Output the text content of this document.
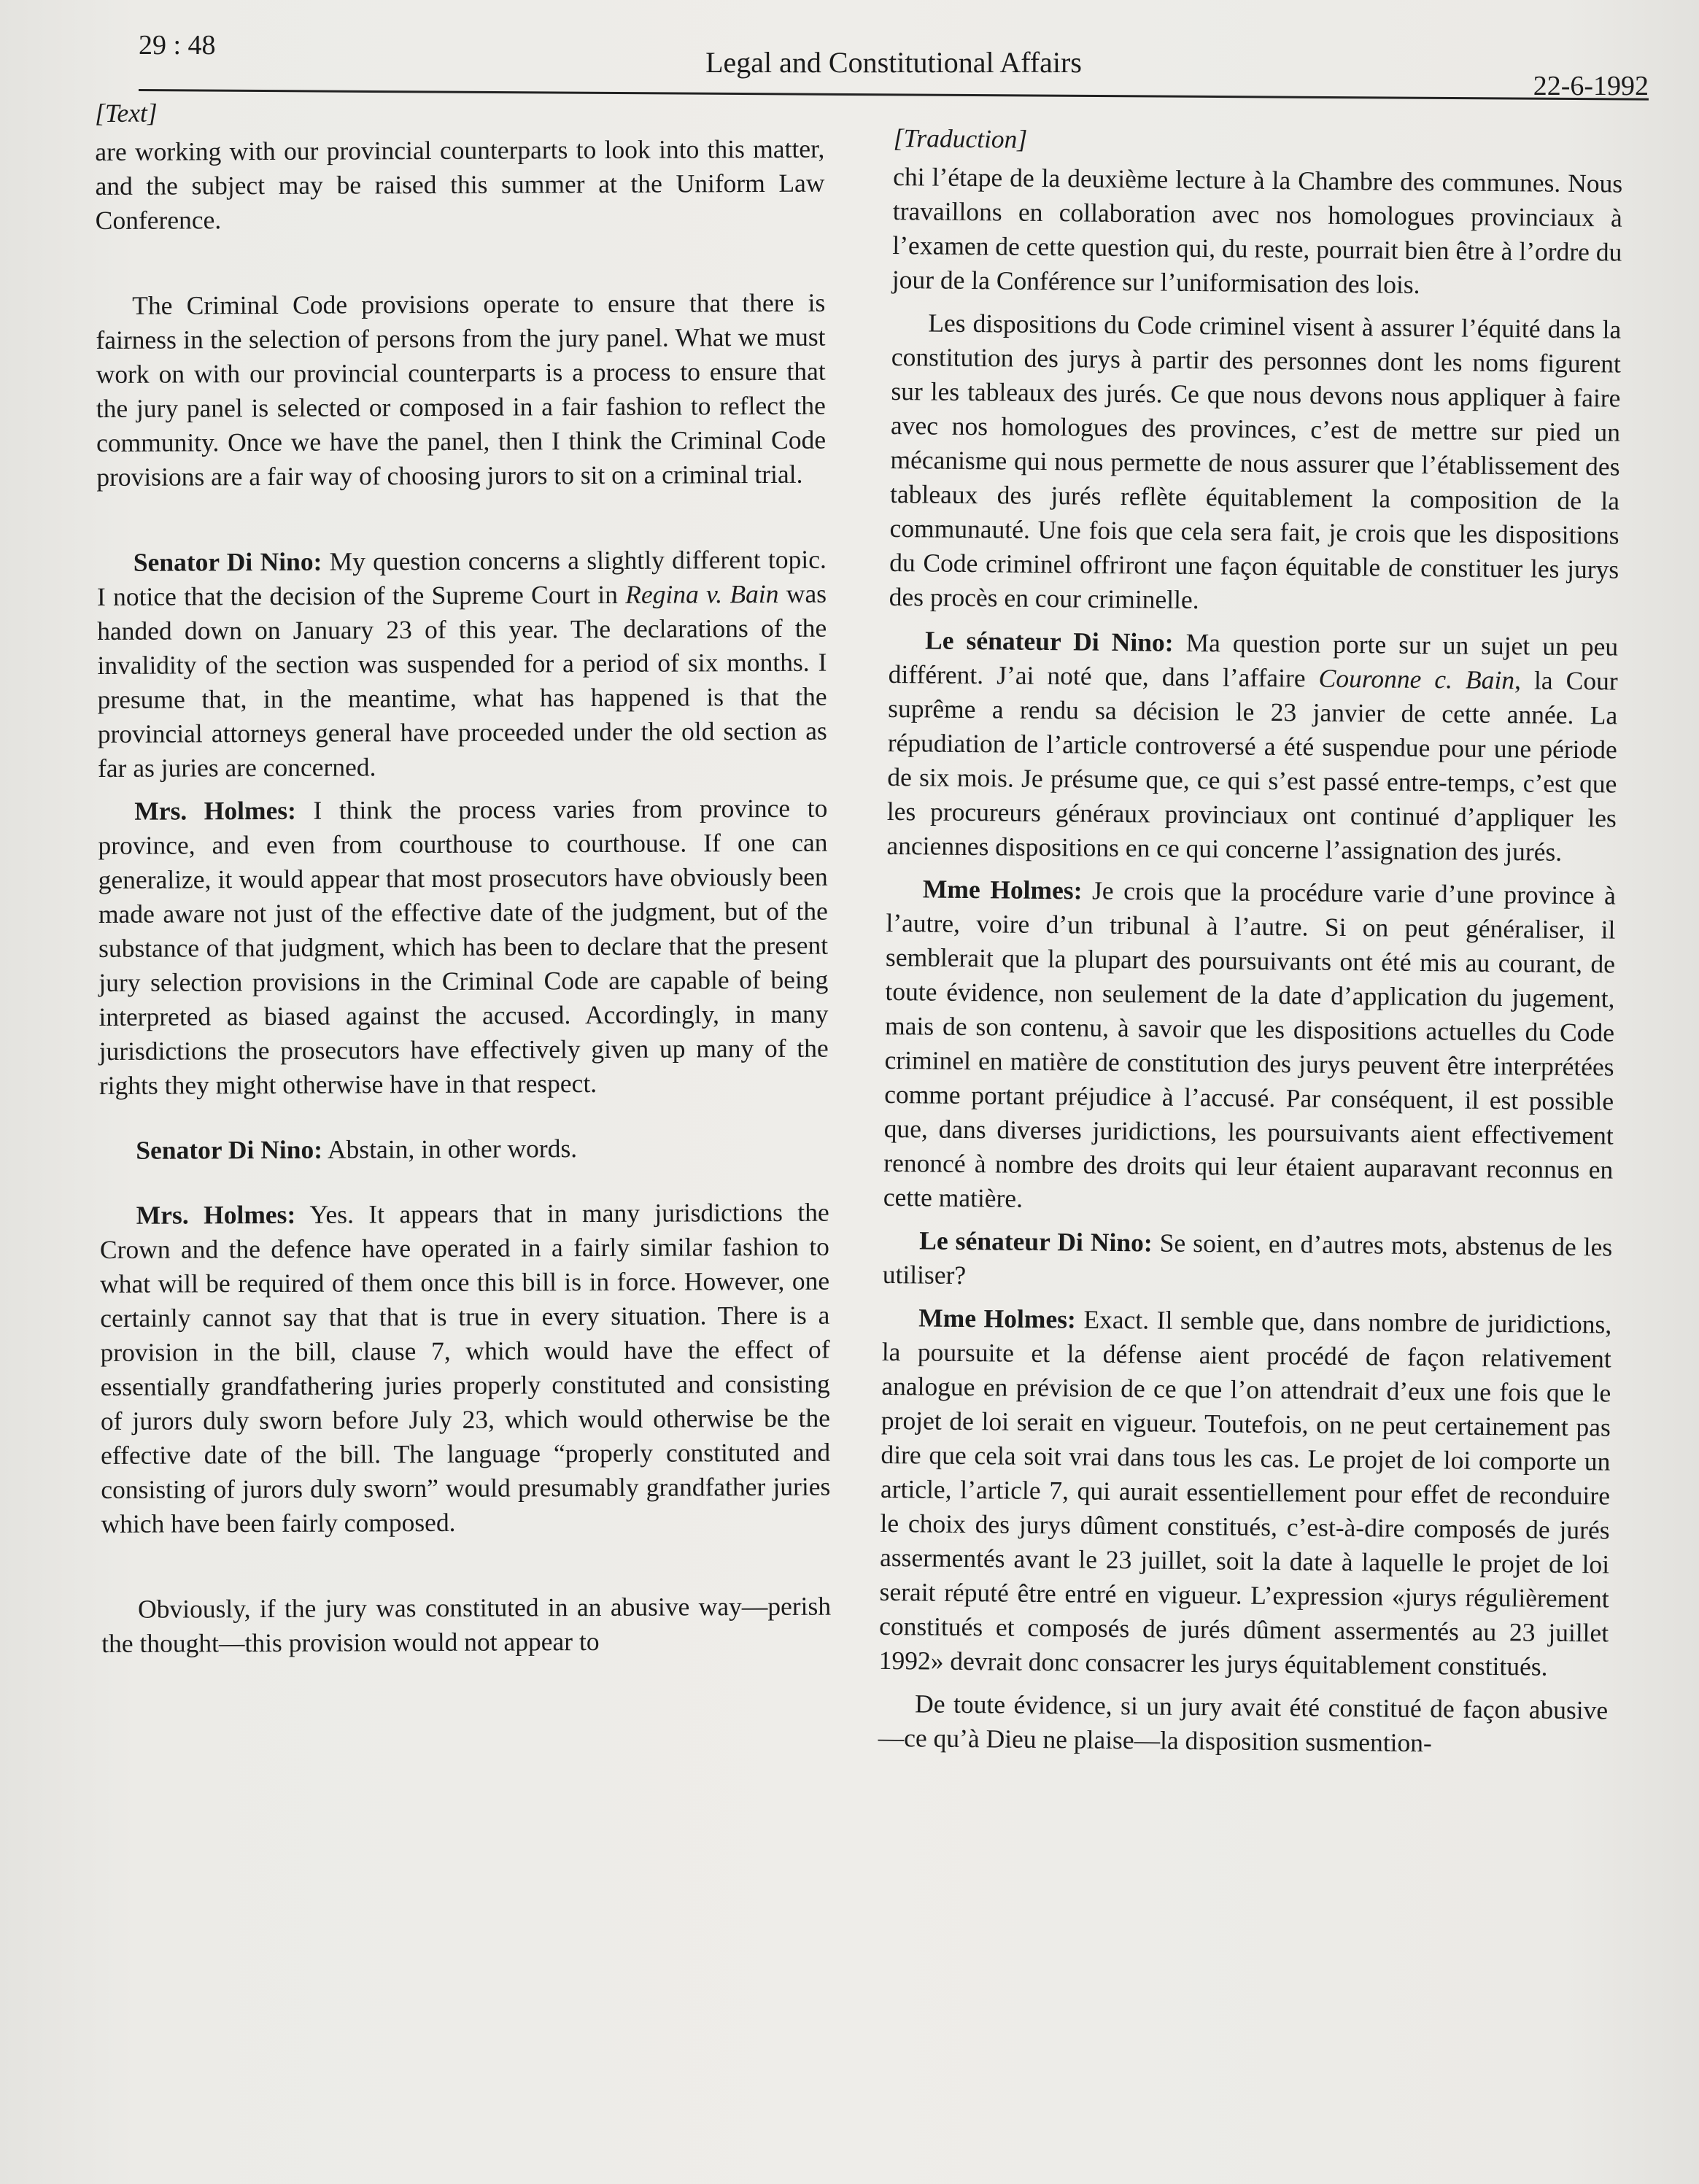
29 : 48
Legal and Constitutional Affairs
22-6-1992
[Text]

are working with our provincial counterparts to look into this matter, and the subject may be raised this summer at the Uniform Law Conference.

The Criminal Code provisions operate to ensure that there is fairness in the selection of persons from the jury panel. What we must work on with our provincial counterparts is a process to ensure that the jury panel is selected or composed in a fair fashion to reflect the community. Once we have the panel, then I think the Criminal Code provisions are a fair way of choosing jurors to sit on a criminal trial.

Senator Di Nino: My question concerns a slightly different topic. I notice that the decision of the Supreme Court in Regina v. Bain was handed down on January 23 of this year. The declarations of the invalidity of the section was suspended for a period of six months. I presume that, in the meantime, what has happened is that the provincial attorneys general have proceeded under the old section as far as juries are concerned.

Mrs. Holmes: I think the process varies from province to province, and even from courthouse to courthouse. If one can generalize, it would appear that most prosecutors have obviously been made aware not just of the effective date of the judgment, but of the substance of that judgment, which has been to declare that the present jury selection provisions in the Criminal Code are capable of being interpreted as biased against the accused. Accordingly, in many jurisdictions the prosecutors have effectively given up many of the rights they might otherwise have in that respect.

Senator Di Nino: Abstain, in other words.

Mrs. Holmes: Yes. It appears that in many jurisdictions the Crown and the defence have operated in a fairly similar fashion to what will be required of them once this bill is in force. However, one certainly cannot say that that is true in every situation. There is a provision in the bill, clause 7, which would have the effect of essentially grandfathering juries properly constituted and consisting of jurors duly sworn before July 23, which would otherwise be the effective date of the bill. The language “properly constituted and consisting of jurors duly sworn” would presumably grandfather juries which have been fairly composed.

Obviously, if the jury was constituted in an abusive way—perish the thought—this provision would not appear to

[Traduction]

chi l’étape de la deuxième lecture à la Chambre des communes. Nous travaillons en collaboration avec nos homologues provinciaux à l’examen de cette question qui, du reste, pourrait bien être à l’ordre du jour de la Conférence sur l’uniformisation des lois.

Les dispositions du Code criminel visent à assurer l’équité dans la constitution des jurys à partir des personnes dont les noms figurent sur les tableaux des jurés. Ce que nous devons nous appliquer à faire avec nos homologues des provinces, c’est de mettre sur pied un mécanisme qui nous permette de nous assurer que l’établissement des tableaux des jurés reflète équitablement la composition de la communauté. Une fois que cela sera fait, je crois que les dispositions du Code criminel offriront une façon équitable de constituer les jurys des procès en cour criminelle.

Le sénateur Di Nino: Ma question porte sur un sujet un peu différent. J’ai noté que, dans l’affaire Couronne c. Bain, la Cour suprême a rendu sa décision le 23 janvier de cette année. La répudiation de l’article controversé a été suspendue pour une période de six mois. Je présume que, ce qui s’est passé entre-temps, c’est que les procureurs généraux provinciaux ont continué d’appliquer les anciennes dispositions en ce qui concerne l’assignation des jurés.

Mme Holmes: Je crois que la procédure varie d’une province à l’autre, voire d’un tribunal à l’autre. Si on peut généraliser, il semblerait que la plupart des poursuivants ont été mis au courant, de toute évidence, non seulement de la date d’application du jugement, mais de son contenu, à savoir que les dispositions actuelles du Code criminel en matière de constitution des jurys peuvent être interprétées comme portant préjudice à l’accusé. Par conséquent, il est possible que, dans diverses juridictions, les poursuivants aient effectivement renoncé à nombre des droits qui leur étaient auparavant reconnus en cette matière.

Le sénateur Di Nino: Se soient, en d’autres mots, abstenus de les utiliser?

Mme Holmes: Exact. Il semble que, dans nombre de juridictions, la poursuite et la défense aient procédé de façon relativement analogue en prévision de ce que l’on attendrait d’eux une fois que le projet de loi serait en vigueur. Toutefois, on ne peut certainement pas dire que cela soit vrai dans tous les cas. Le projet de loi comporte un article, l’article 7, qui aurait essentiellement pour effet de reconduire le choix des jurys dûment constitués, c’est-à-dire composés de jurés assermentés avant le 23 juillet, soit la date à laquelle le projet de loi serait réputé être entré en vigueur. L’expression «jurys régulièrement constitués et composés de jurés dûment assermentés au 23 juillet 1992» devrait donc consacrer les jurys équitablement constitués.

De toute évidence, si un jury avait été constitué de façon abusive—ce qu’à Dieu ne plaise—la disposition susmention-
